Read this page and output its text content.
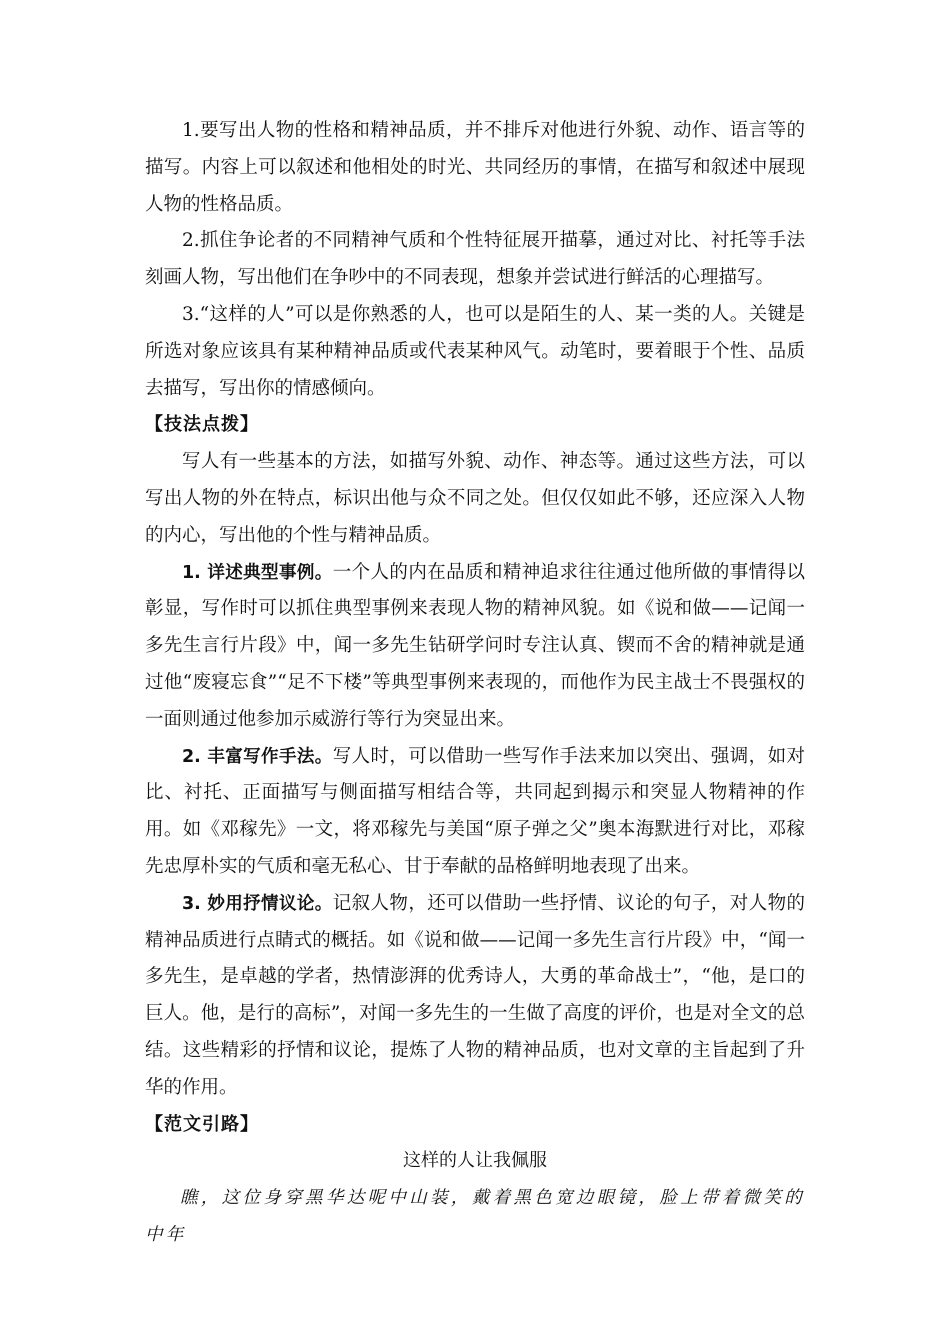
1.要写出人物的性格和精神品质，并不排斥对他进行外貌、动作、语言等的描写。内容上可以叙述和他相处的时光、共同经历的事情，在描写和叙述中展现人物的性格品质。

2.抓住争论者的不同精神气质和个性特征展开描摹，通过对比、衬托等手法刻画人物，写出他们在争吵中的不同表现，想象并尝试进行鲜活的心理描写。

3.“这样的人”可以是你熟悉的人，也可以是陌生的人、某一类的人。关键是所选对象应该具有某种精神品质或代表某种风气。动笔时，要着眼于个性、品质去描写，写出你的情感倾向。

【技法点拨】

写人有一些基本的方法，如描写外貌、动作、神态等。通过这些方法，可以写出人物的外在特点，标识出他与众不同之处。但仅仅如此不够，还应深入人物的内心，写出他的个性与精神品质。

1. 详述典型事例。一个人的内在品质和精神追求往往通过他所做的事情得以彰显，写作时可以抓住典型事例来表现人物的精神风貌。如《说和做——记闻一多先生言行片段》中，闻一多先生钻研学问时专注认真、锲而不舍的精神就是通过他“废寝忘食”“足不下楼”等典型事例来表现的，而他作为民主战士不畏强权的一面则通过他参加示威游行等行为突显出来。

2. 丰富写作手法。写人时，可以借助一些写作手法来加以突出、强调，如对比、衬托、正面描写与侧面描写相结合等，共同起到揭示和突显人物精神的作用。如《邓稼先》一文，将邓稼先与美国“原子弹之父”奥本海默进行对比，邓稼先忠厚朴实的气质和毫无私心、甘于奉献的品格鲜明地表现了出来。

3. 妙用抒情议论。记叙人物，还可以借助一些抒情、议论的句子，对人物的精神品质进行点睛式的概括。如《说和做——记闻一多先生言行片段》中，“闻一多先生，是卓越的学者，热情澎湃的优秀诗人，大勇的革命战士”，“他，是口的巨人。他，是行的高标”，对闻一多先生的一生做了高度的评价，也是对全文的总结。这些精彩的抒情和议论，提炼了人物的精神品质，也对文章的主旨起到了升华的作用。

【范文引路】

这样的人让我佩服

瞧，这位身穿黑华达呢中山装，戴着黑色宽边眼镜，脸上带着微笑的中年
